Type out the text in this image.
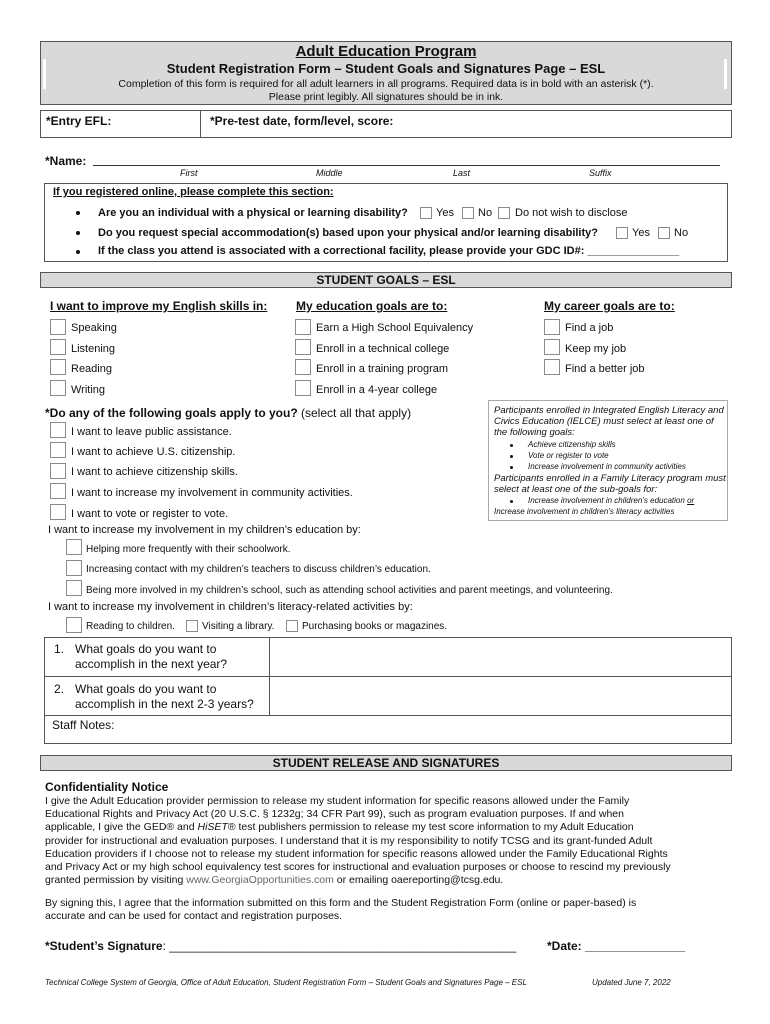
Adult Education Program
Student Registration Form – Student Goals and Signatures Page – ESL
Completion of this form is required for all adult learners in all programs. Required data is in bold with an asterisk (*).
Please print legibly. All signatures should be in ink.
*Entry EFL:	*Pre-test date, form/level, score:
*Name:
First	Middle	Last	Suffix
If you registered online, please complete this section:
Are you an individual with a physical or learning disability?	Yes No Do not wish to disclose
Do you request special accommodation(s) based upon your physical and/or learning disability?	Yes No
If the class you attend is associated with a correctional facility, please provide your GDC ID#: _______________
STUDENT GOALS – ESL
I want to improve my English skills in: My education goals are to:	My career goals are to:
Speaking
Listening
Reading
Writing
Earn a High School Equivalency
Enroll in a technical college
Enroll in a training program
Enroll in a 4-year college
Find a job
Keep my job
Find a better job
*Do any of the following goals apply to you? (select all that apply)
I want to leave public assistance.
I want to achieve U.S. citizenship.
I want to achieve citizenship skills.
I want to increase my involvement in community activities.
I want to vote or register to vote.
Participants enrolled in Integrated English Literacy and Civics Education (IELCE) must select at least one of the following goals:
Achieve citizenship skills
Vote or register to vote
Increase involvement in community activities
Participants enrolled in a Family Literacy program must select at least one of the sub-goals for:
Increase involvement in children’s education or
Increase involvement in children’s literacy activities
I want to increase my involvement in my children’s education by:
Helping more frequently with their schoolwork.
Increasing contact with my children’s teachers to discuss children’s education.
Being more involved in my children’s school, such as attending school activities and parent meetings, and volunteering.
I want to increase my involvement in children’s literacy-related activities by:
Reading to children.	Visiting a library.	Purchasing books or magazines.
1. What goals do you want to
accomplish in the next year?
2. What goals do you want to
accomplish in the next 2-3 years?
Staff Notes:
STUDENT RELEASE AND SIGNATURES
Confidentiality Notice
I give the Adult Education provider permission to release my student information for specific reasons allowed under the Family
Educational Rights and Privacy Act (20 U.S.C. § 1232g; 34 CFR Part 99), such as program evaluation purposes. If and when
applicable, I give the GED® and HiSET® test publishers permission to release my test score information to my Adult Education
provider for instructional and evaluation purposes. I understand that it is my responsibility to notify TCSG and its grant-funded Adult
Education providers if I choose not to release my student information for specific reasons allowed under the Family Educational Rights
and Privacy Act or my high school equivalency test scores for instructional and evaluation purposes or choose to rescind my previously
granted permission by visiting www.GeorgiaOpportunities.com or emailing oaereporting@tcsg.edu.
By signing this, I agree that the information submitted on this form and the Student Registration Form (online or paper-based) is
accurate and can be used for contact and registration purposes.
*Student’s Signature: ____________________________________________________	*Date: _______________
Technical College System of Georgia, Office of Adult Education, Student Registration Form – Student Goals and Signatures Page – ESL	Updated June 7, 2022
